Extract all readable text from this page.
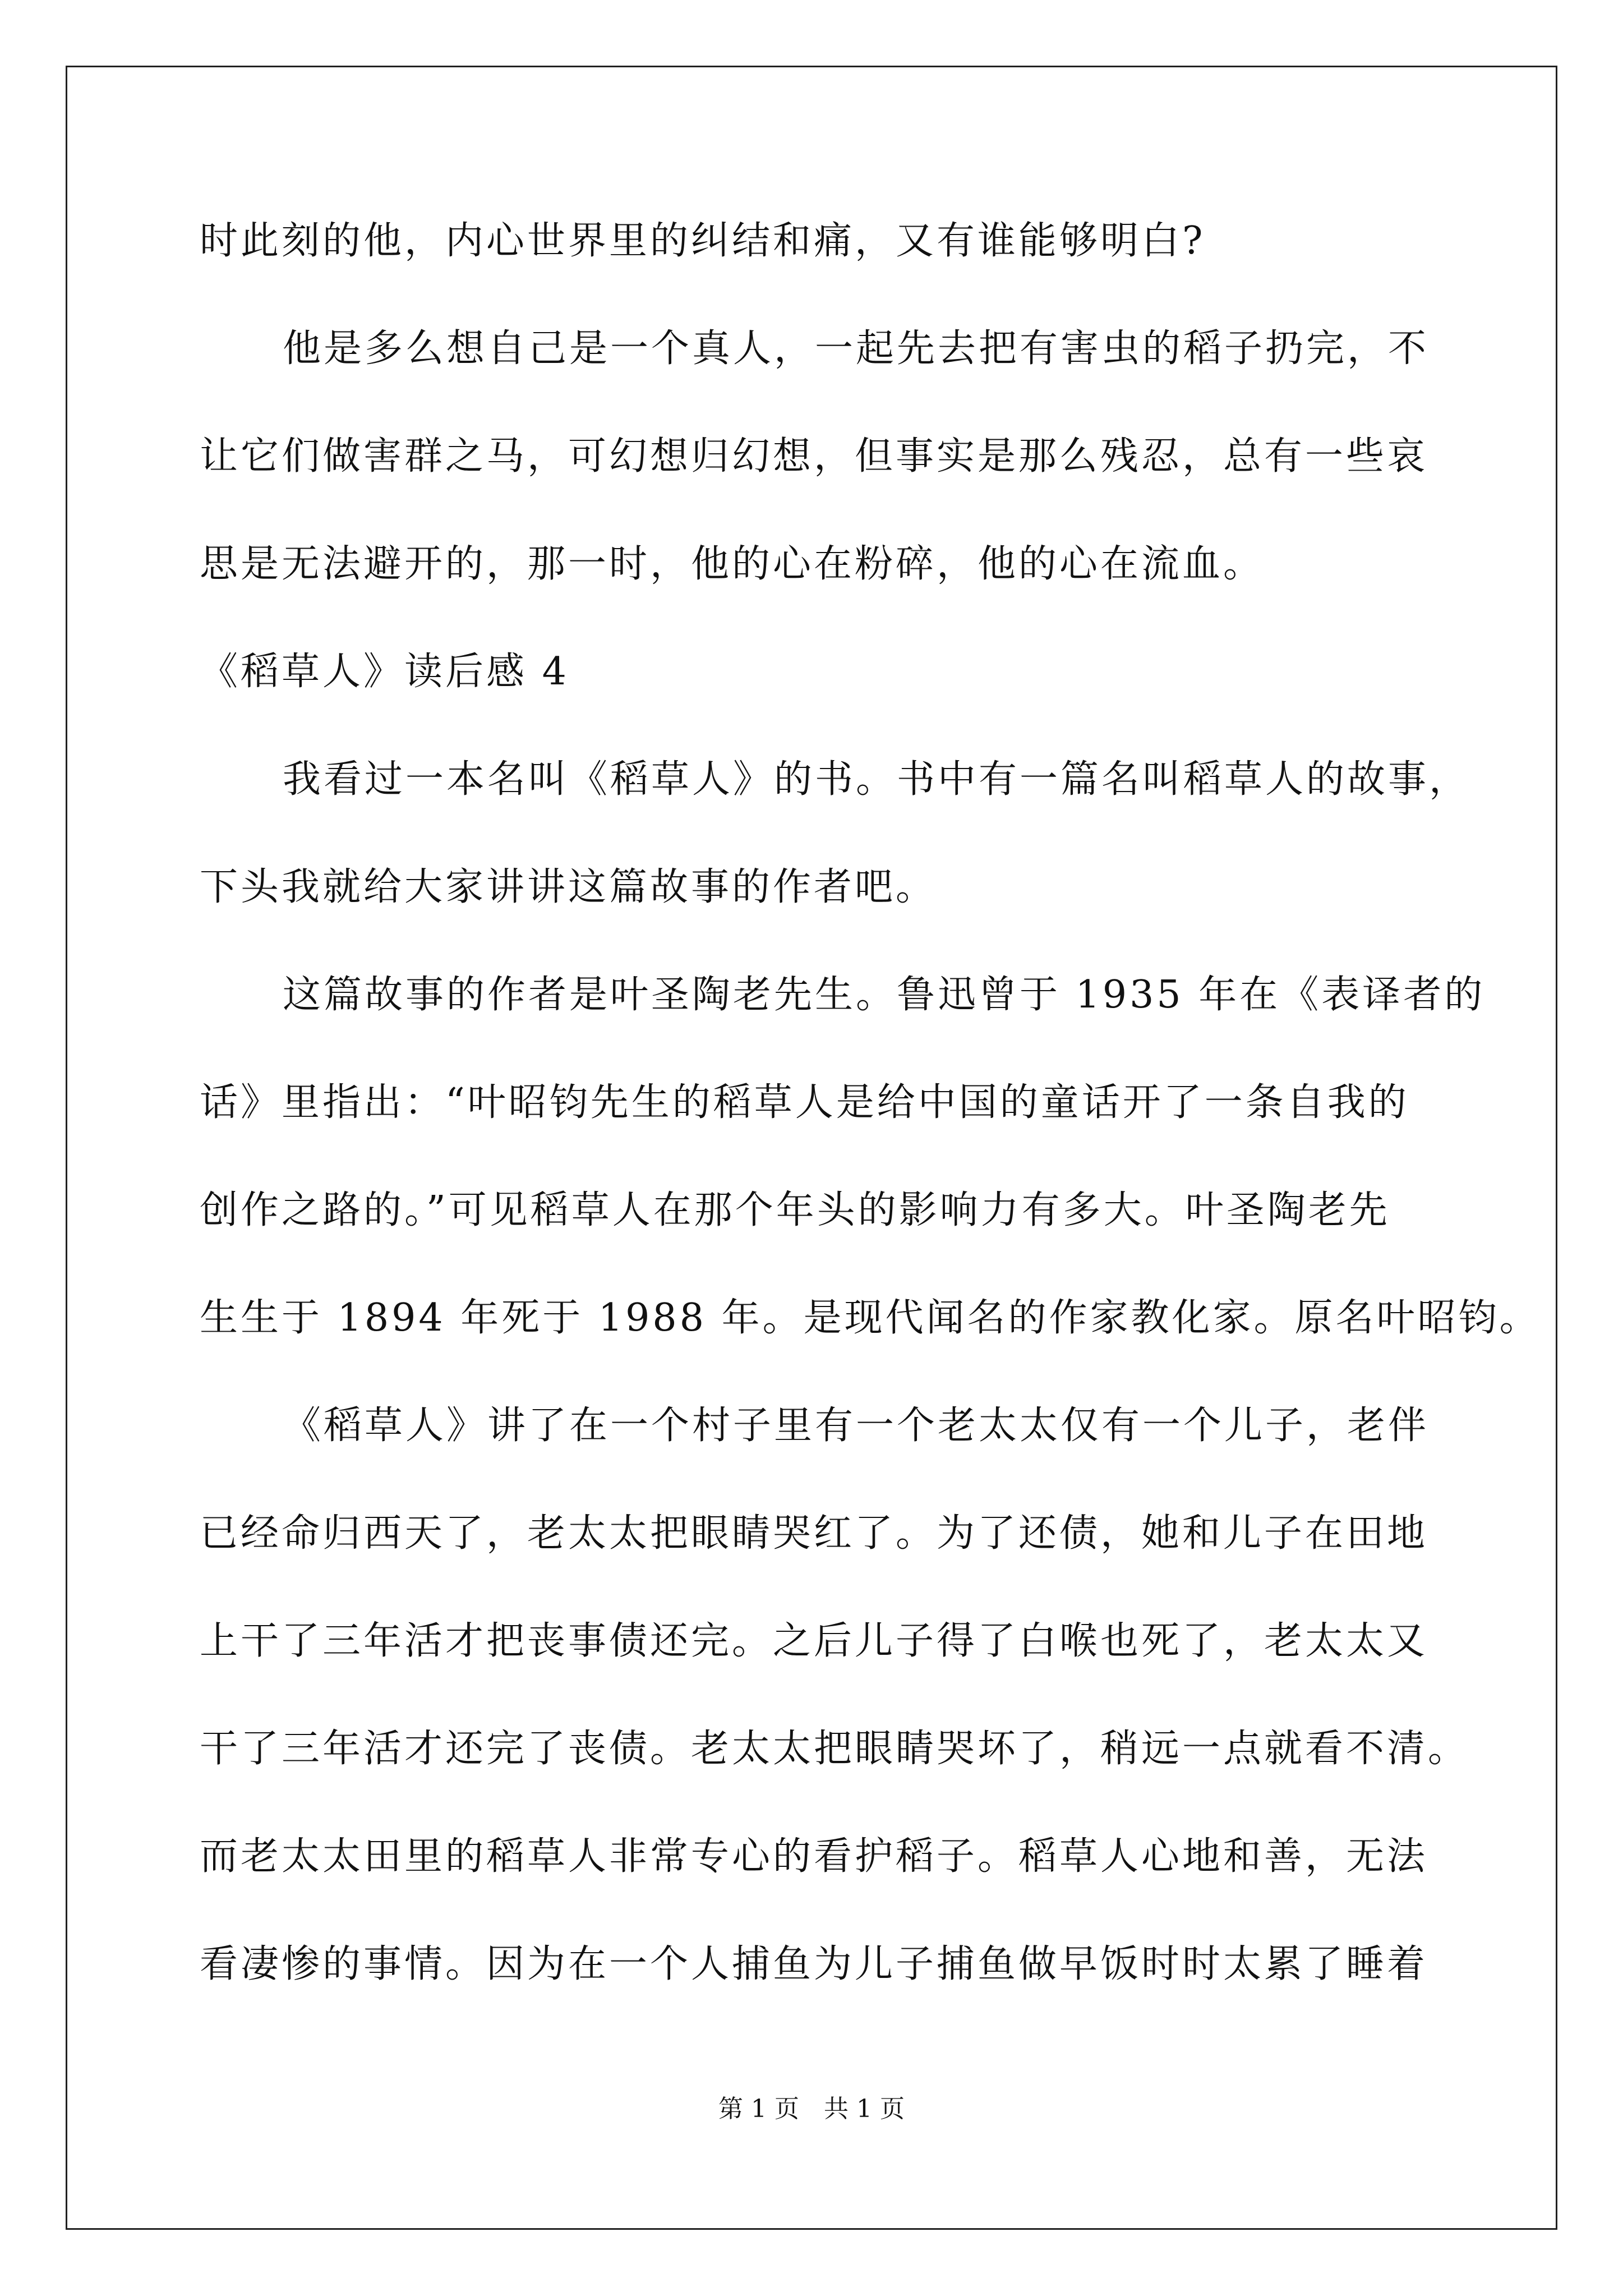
时此刻的他，内心世界里的纠结和痛，又有谁能够明白?
他是多么想自己是一个真人，一起先去把有害虫的稻子扔完，不
让它们做害群之马，可幻想归幻想，但事实是那么残忍，总有一些哀
思是无法避开的，那一时，他的心在粉碎，他的心在流血。
《稻草人》读后感 4
我看过一本名叫《稻草人》的书。书中有一篇名叫稻草人的故事，
下头我就给大家讲讲这篇故事的作者吧。
这篇故事的作者是叶圣陶老先生。鲁迅曾于 1935 年在《表译者的
话》里指出：“叶昭钧先生的稻草人是给中国的童话开了一条自我的
创作之路的。”可见稻草人在那个年头的影响力有多大。叶圣陶老先
生生于 1894 年死于 1988 年。是现代闻名的作家教化家。原名叶昭钧。
《稻草人》讲了在一个村子里有一个老太太仅有一个儿子，老伴
已经命归西天了，老太太把眼睛哭红了。为了还债，她和儿子在田地
上干了三年活才把丧事债还完。之后儿子得了白喉也死了，老太太又
干了三年活才还完了丧债。老太太把眼睛哭坏了，稍远一点就看不清。
而老太太田里的稻草人非常专心的看护稻子。稻草人心地和善，无法
看凄惨的事情。因为在一个人捕鱼为儿子捕鱼做早饭时时太累了睡着
第 1 页　共 1 页
